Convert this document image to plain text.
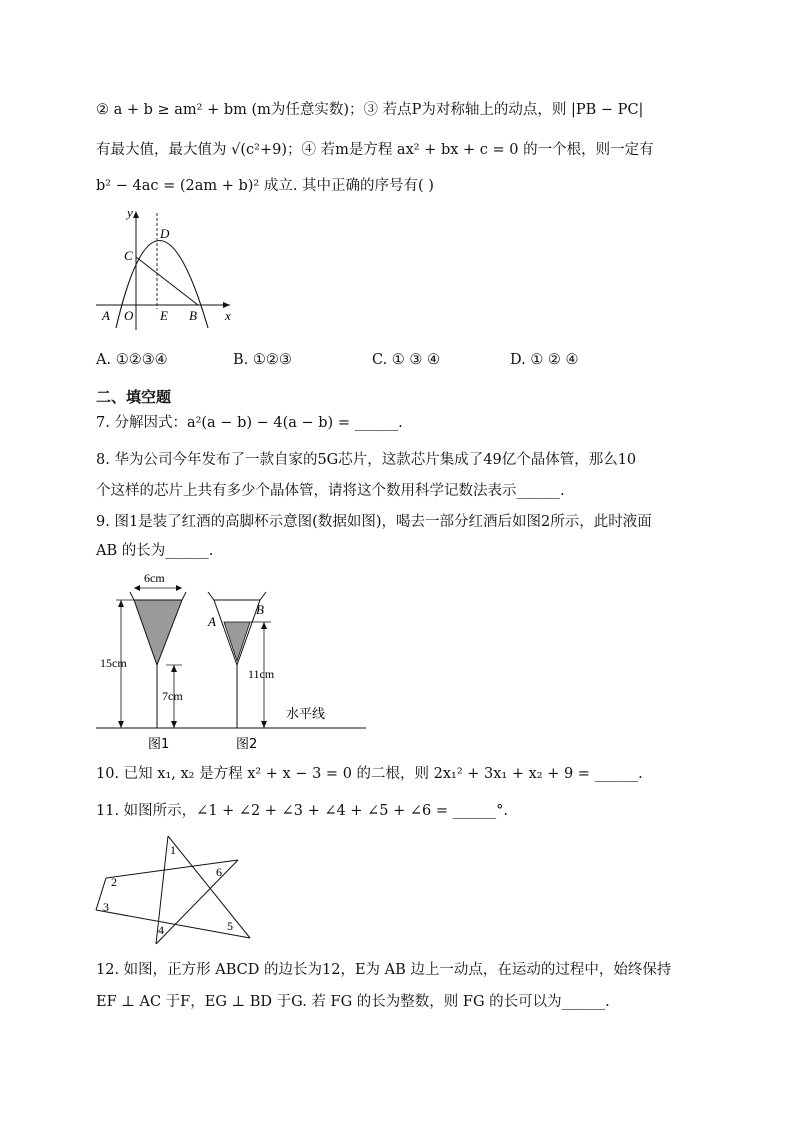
② a + b ≥ am² + bm (m为任意实数)；③ 若点P为对称轴上的动点，则 |PB − PC|
有最大值，最大值为 √(c²+9)；④ 若m是方程 ax² + bx + c = 0 的一个根，则一定有
b² − 4ac = (2am + b)² 成立. 其中正确的序号有( )
y
x
C
D
A O E B
A. ①②③④	B. ①②③	C. ① ③ ④	D. ① ② ④
二、填空题
7. 分解因式：a²(a − b) − 4(a − b) = ______.
8. 华为公司今年发布了一款自家的5G芯片，这款芯片集成了49亿个晶体管，那么10
个这样的芯片上共有多少个晶体管，请将这个数用科学记数法表示______.
9. 图1是装了红酒的高脚杯示意图(数据如图)，喝去一部分红酒后如图2所示，此时液面
AB 的长为______.
6cm
15cm
7cm
A
B
11cm
水平线
图1	图2
10. 已知 x₁, x₂ 是方程 x² + x − 3 = 0 的二根，则 2x₁² + 3x₁ + x₂ + 9 = ______.
11. 如图所示，∠1 + ∠2 + ∠3 + ∠4 + ∠5 + ∠6 = ______°.
1
2
3
4	5
6
12. 如图，正方形 ABCD 的边长为12，E为 AB 边上一动点，在运动的过程中，始终保持
EF ⊥ AC 于F，EG ⊥ BD 于G. 若 FG 的长为整数，则 FG 的长可以为______.
